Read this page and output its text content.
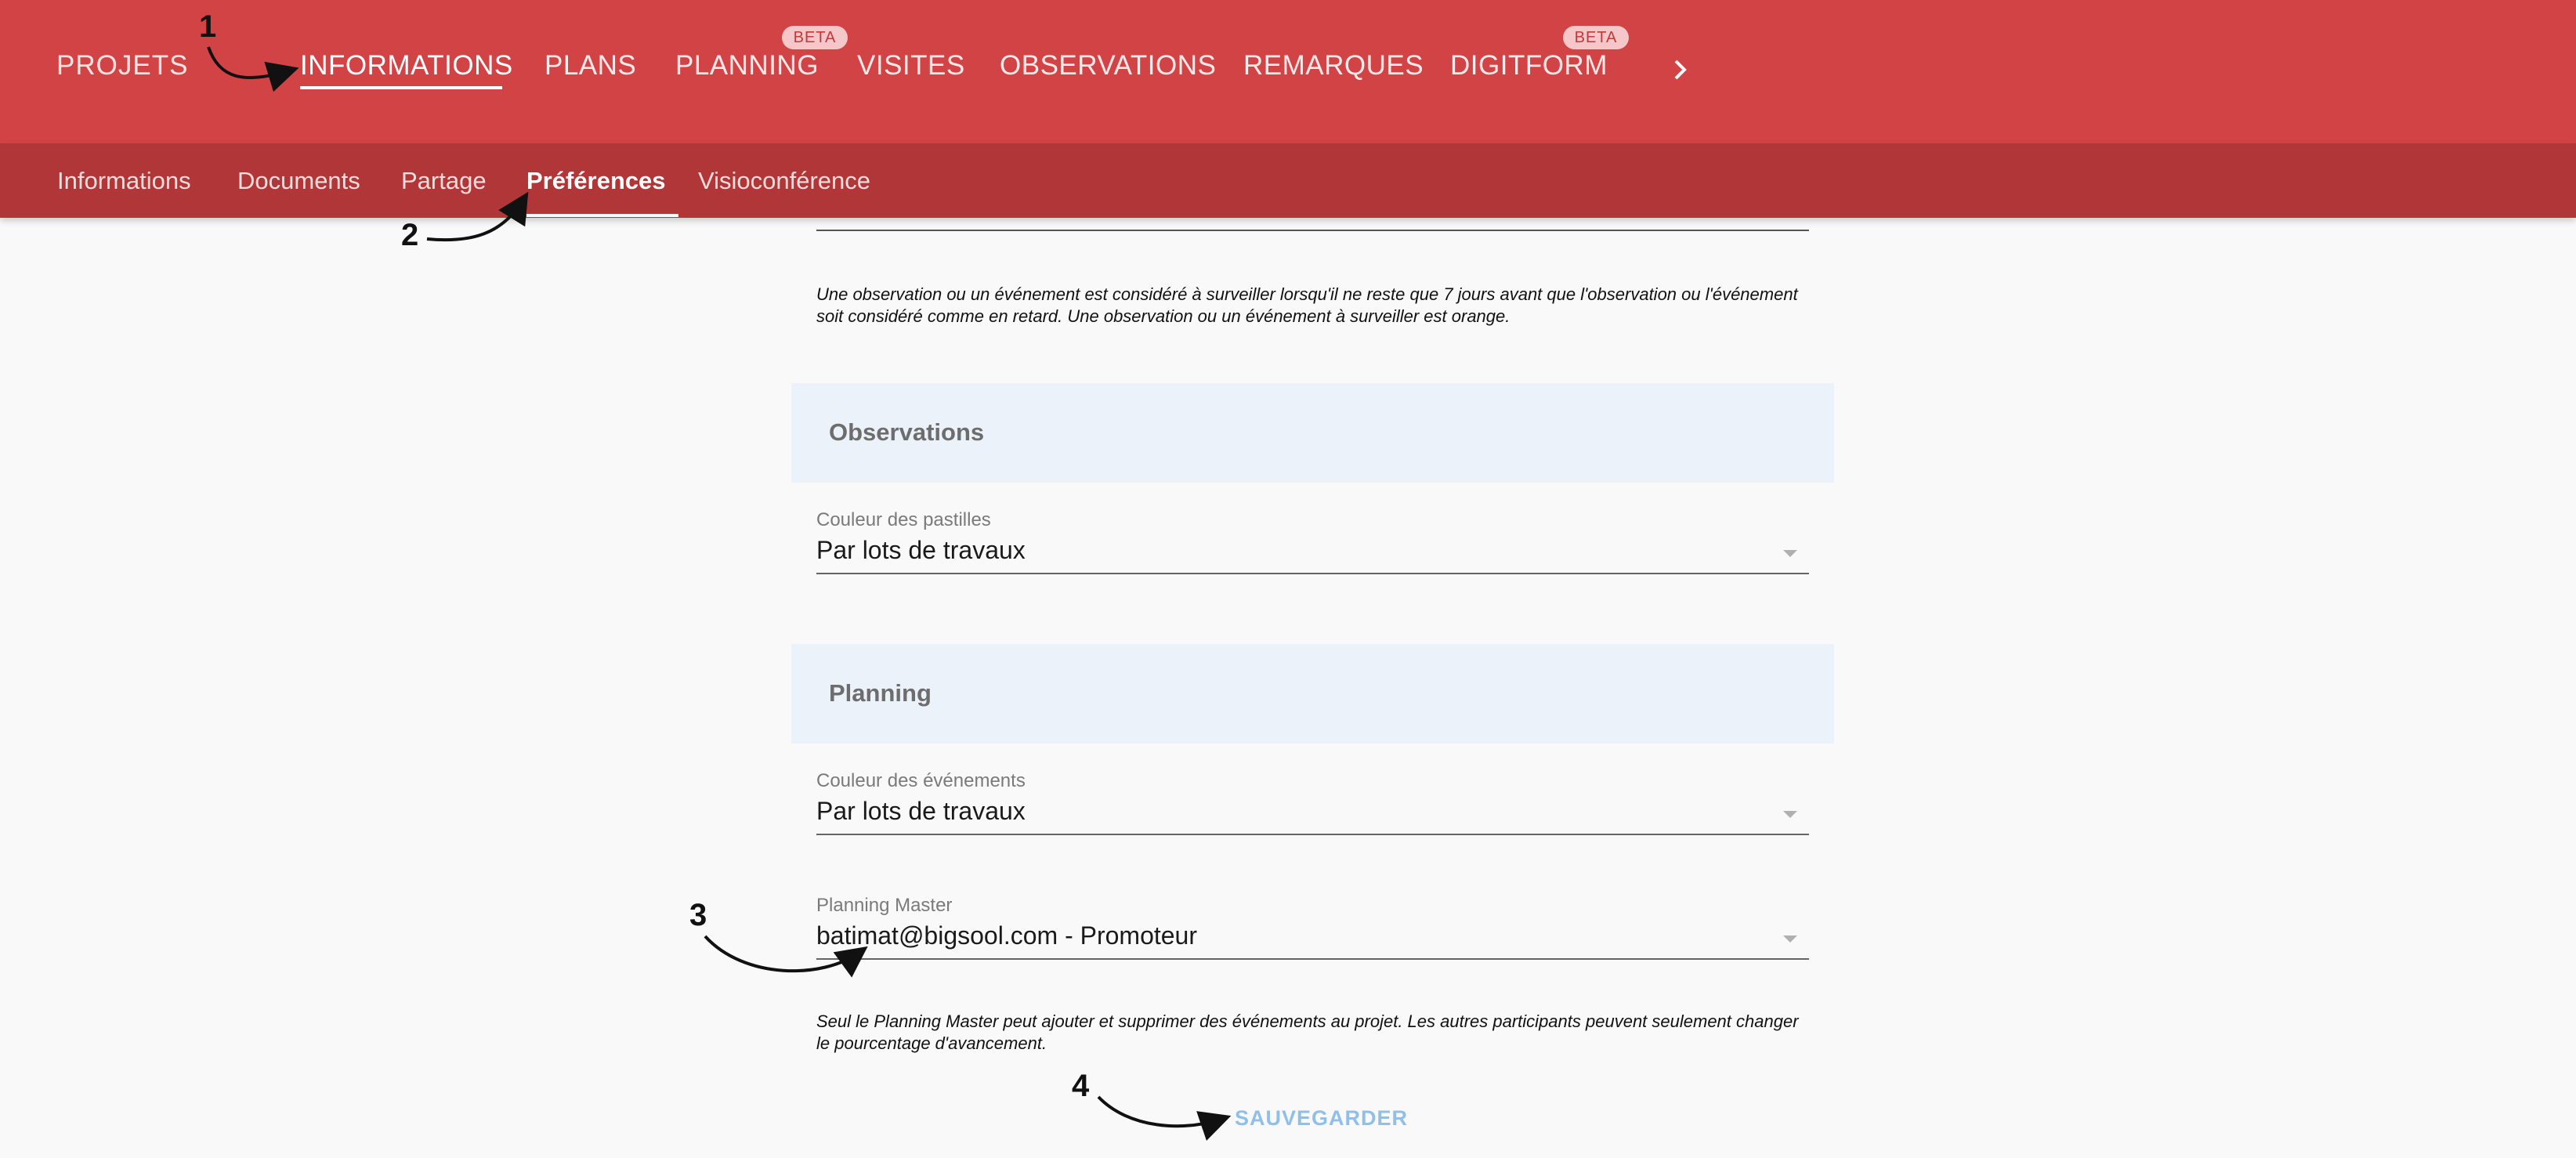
PROJETS	INFORMATIONS PLANS PLANNING
BETA
VISITES OBSERVATIONS REMARQUES DIGITFORM
BETA
Informations Documents Partage Préférences Visioconférence
Une observation ou un événement est considéré à surveiller lorsqu'il ne reste que 7 jours avant que l'observation ou l'événement soit considéré comme en retard. Une observation ou un événement à surveiller est orange.
Observations
Couleur des pastilles
Par lots de travaux
Planning
Couleur des événements
Par lots de travaux
Planning Master
batimat@bigsool.com - Promoteur
Seul le Planning Master peut ajouter et supprimer des événements au projet. Les autres participants peuvent seulement changer le pourcentage d'avancement.
SAUVEGARDER
1
2
3
4
